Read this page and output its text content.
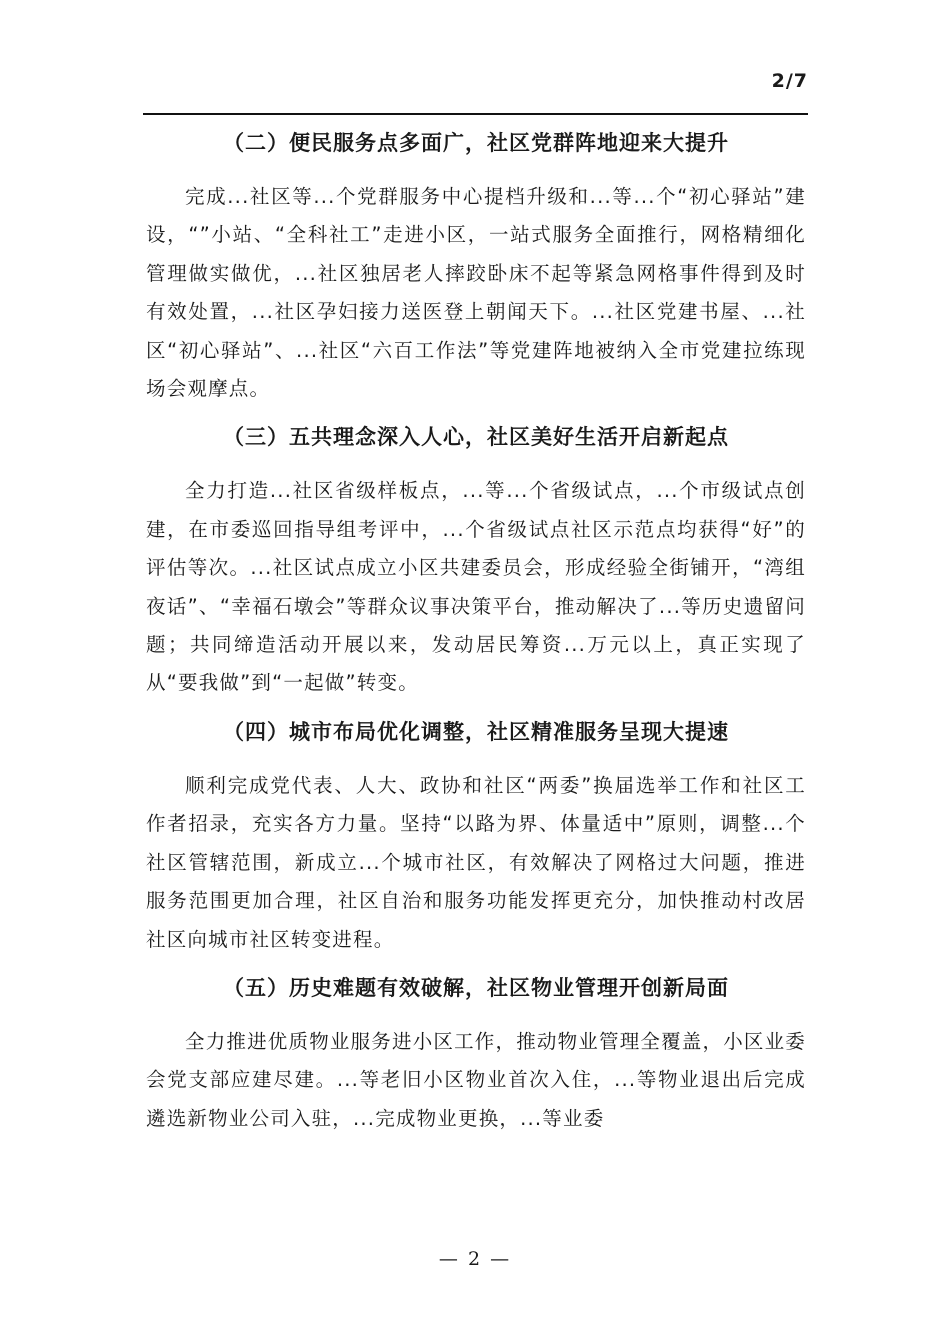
2/7
（二）便民服务点多面广，社区党群阵地迎来大提升

完成...社区等...个党群服务中心提档升级和...等...个“初心驿站”建设，“”小站、“全科社工”走进小区，一站式服务全面推行，网格精细化管理做实做优，...社区独居老人摔跤卧床不起等紧急网格事件得到及时有效处置，...社区孕妇接力送医登上朝闻天下。...社区党建书屋、...社区“初心驿站”、...社区“六百工作法”等党建阵地被纳入全市党建拉练现场会观摩点。

（三）五共理念深入人心，社区美好生活开启新起点

全力打造...社区省级样板点，...等...个省级试点，...个市级试点创建，在市委巡回指导组考评中，...个省级试点社区示范点均获得“好”的评估等次。...社区试点成立小区共建委员会，形成经验全街铺开，“湾组夜话”、“幸福石墩会”等群众议事决策平台，推动解决了...等历史遗留问题；共同缔造活动开展以来，发动居民筹资...万元以上，真正实现了从“要我做”到“一起做”转变。

（四）城市布局优化调整，社区精准服务呈现大提速

顺利完成党代表、人大、政协和社区“两委”换届选举工作和社区工作者招录，充实各方力量。坚持“以路为界、体量适中”原则，调整...个社区管辖范围，新成立...个城市社区，有效解决了网格过大问题，推进服务范围更加合理，社区自治和服务功能发挥更充分，加快推动村改居社区向城市社区转变进程。

（五）历史难题有效破解，社区物业管理开创新局面

全力推进优质物业服务进小区工作，推动物业管理全覆盖，小区业委会党支部应建尽建。...等老旧小区物业首次入住，...等物业退出后完成遴选新物业公司入驻，...完成物业更换，...等业委

— 2 —
